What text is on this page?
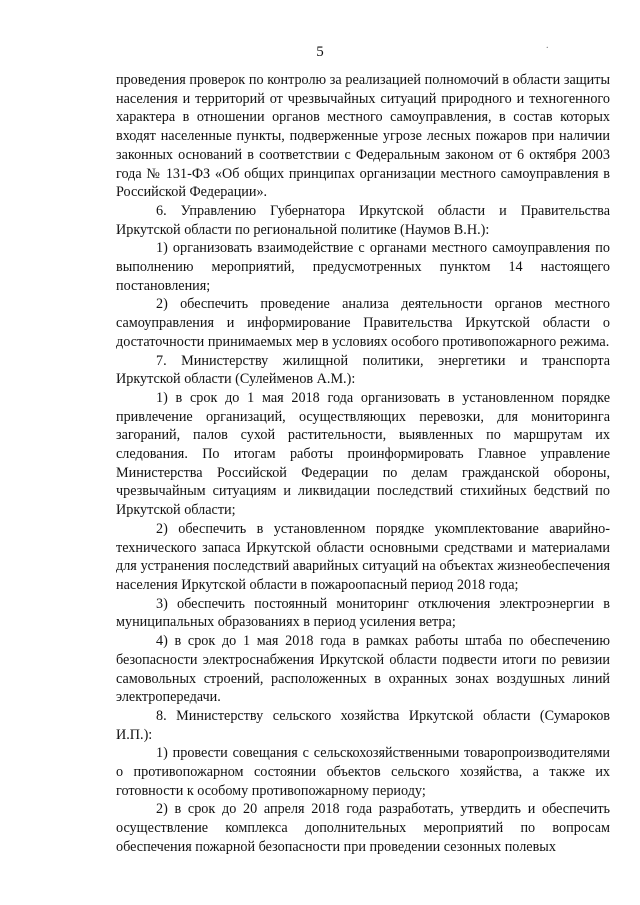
5	.

проведения проверок по контролю за реализацией полномочий в области защиты населения и территорий от чрезвычайных ситуаций природного и техногенного характера в отношении органов местного самоуправления, в состав которых входят населенные пункты, подверженные угрозе лесных пожаров при наличии законных оснований в соответствии с Федеральным законом от 6 октября 2003 года № 131-ФЗ «Об общих принципах организации местного самоуправления в Российской Федерации».

6. Управлению Губернатора Иркутской области и Правительства Иркутской области по региональной политике (Наумов В.Н.):

1) организовать взаимодействие с органами местного самоуправления по выполнению мероприятий, предусмотренных пунктом 14 настоящего постановления;

2) обеспечить проведение анализа деятельности органов местного самоуправления и информирование Правительства Иркутской области о достаточности принимаемых мер в условиях особого противопожарного режима.

7. Министерству жилищной политики, энергетики и транспорта Иркутской области (Сулейменов А.М.):

1) в срок до 1 мая 2018 года организовать в установленном порядке привлечение организаций, осуществляющих перевозки, для мониторинга загораний, палов сухой растительности, выявленных по маршрутам их следования. По итогам работы проинформировать Главное управление Министерства Российской Федерации по делам гражданской обороны, чрезвычайным ситуациям и ликвидации последствий стихийных бедствий по Иркутской области;

2) обеспечить в установленном порядке укомплектование аварийно-технического запаса Иркутской области основными средствами и материалами для устранения последствий аварийных ситуаций на объектах жизнеобеспечения населения Иркутской области в пожароопасный период 2018 года;

3) обеспечить постоянный мониторинг отключения электроэнергии в муниципальных образованиях в период усиления ветра;

4) в срок до 1 мая 2018 года в рамках работы штаба по обеспечению безопасности электроснабжения Иркутской области подвести итоги по ревизии самовольных строений, расположенных в охранных зонах воздушных линий электропередачи.

8. Министерству сельского хозяйства Иркутской области (Сумароков И.П.):

1) провести совещания с сельскохозяйственными товаропроизводителями о противопожарном состоянии объектов сельского хозяйства, а также их готовности к особому противопожарному периоду;

2) в срок до 20 апреля 2018 года разработать, утвердить и обеспечить осуществление комплекса дополнительных мероприятий по вопросам обеспечения пожарной безопасности при проведении сезонных полевых
